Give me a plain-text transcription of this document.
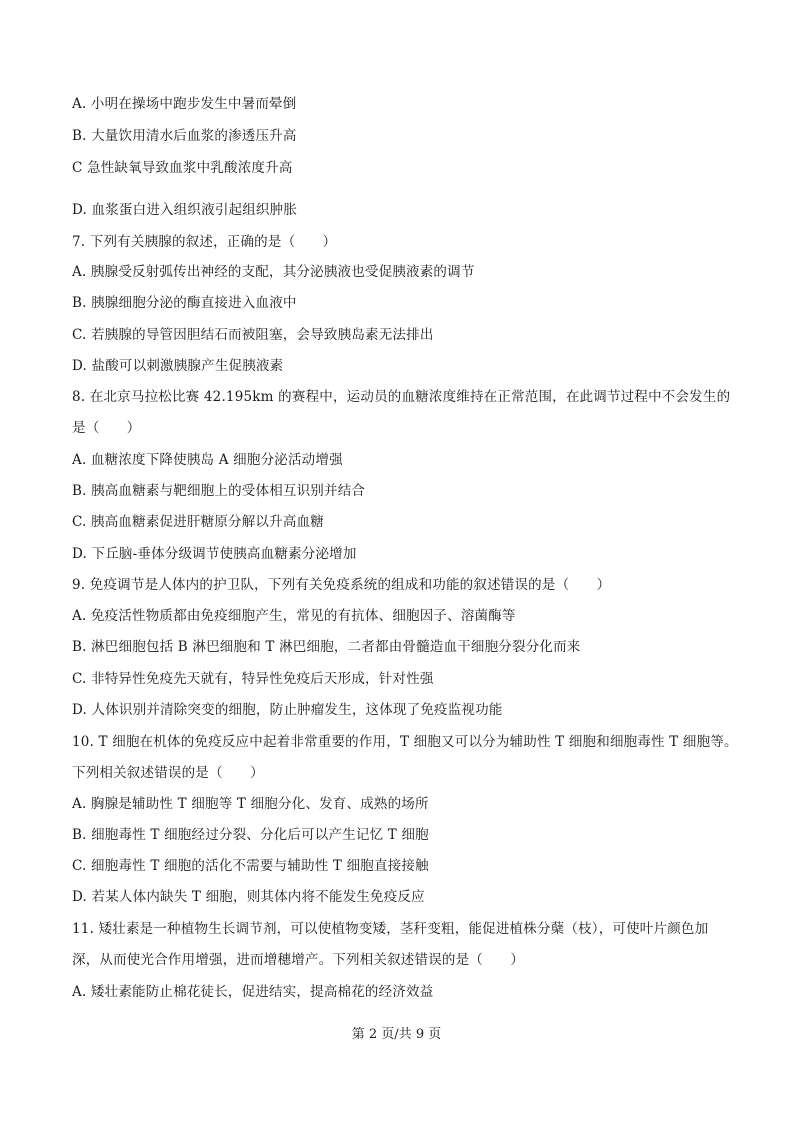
A. 小明在操场中跑步发生中暑而晕倒
B. 大量饮用清水后血浆的渗透压升高
C 急性缺氧导致血浆中乳酸浓度升高
D. 血浆蛋白进入组织液引起组织肿胀
7. 下列有关胰腺的叙述，正确的是（　　）
A. 胰腺受反射弧传出神经的支配，其分泌胰液也受促胰液素的调节
B. 胰腺细胞分泌的酶直接进入血液中
C. 若胰腺的导管因胆结石而被阻塞，会导致胰岛素无法排出
D. 盐酸可以刺激胰腺产生促胰液素
8. 在北京马拉松比赛 42.195km 的赛程中，运动员的血糖浓度维持在正常范围，在此调节过程中不会发生的
是（　　）
A. 血糖浓度下降使胰岛 A 细胞分泌活动增强
B. 胰高血糖素与靶细胞上的受体相互识别并结合
C. 胰高血糖素促进肝糖原分解以升高血糖
D. 下丘脑-垂体分级调节使胰高血糖素分泌增加
9. 免疫调节是人体内的护卫队，下列有关免疫系统的组成和功能的叙述错误的是（　　）
A. 免疫活性物质都由免疫细胞产生，常见的有抗体、细胞因子、溶菌酶等
B. 淋巴细胞包括 B 淋巴细胞和 T 淋巴细胞，二者都由骨髓造血干细胞分裂分化而来
C. 非特异性免疫先天就有，特异性免疫后天形成，针对性强
D. 人体识别并清除突变的细胞，防止肿瘤发生，这体现了免疫监视功能
10. T 细胞在机体的免疫反应中起着非常重要的作用，T 细胞又可以分为辅助性 T 细胞和细胞毒性 T 细胞等。
下列相关叙述错误的是（　　）
A. 胸腺是辅助性 T 细胞等 T 细胞分化、发育、成熟的场所
B. 细胞毒性 T 细胞经过分裂、分化后可以产生记忆 T 细胞
C. 细胞毒性 T 细胞的活化不需要与辅助性 T 细胞直接接触
D. 若某人体内缺失 T 细胞，则其体内将不能发生免疫反应
11. 矮壮素是一种植物生长调节剂，可以使植物变矮，茎秆变粗，能促进植株分蘖（枝），可使叶片颜色加
深，从而使光合作用增强，进而增穗增产。下列相关叙述错误的是（　　）
A. 矮壮素能防止棉花徒长，促进结实，提高棉花的经济效益
第 2 页/共 9 页
